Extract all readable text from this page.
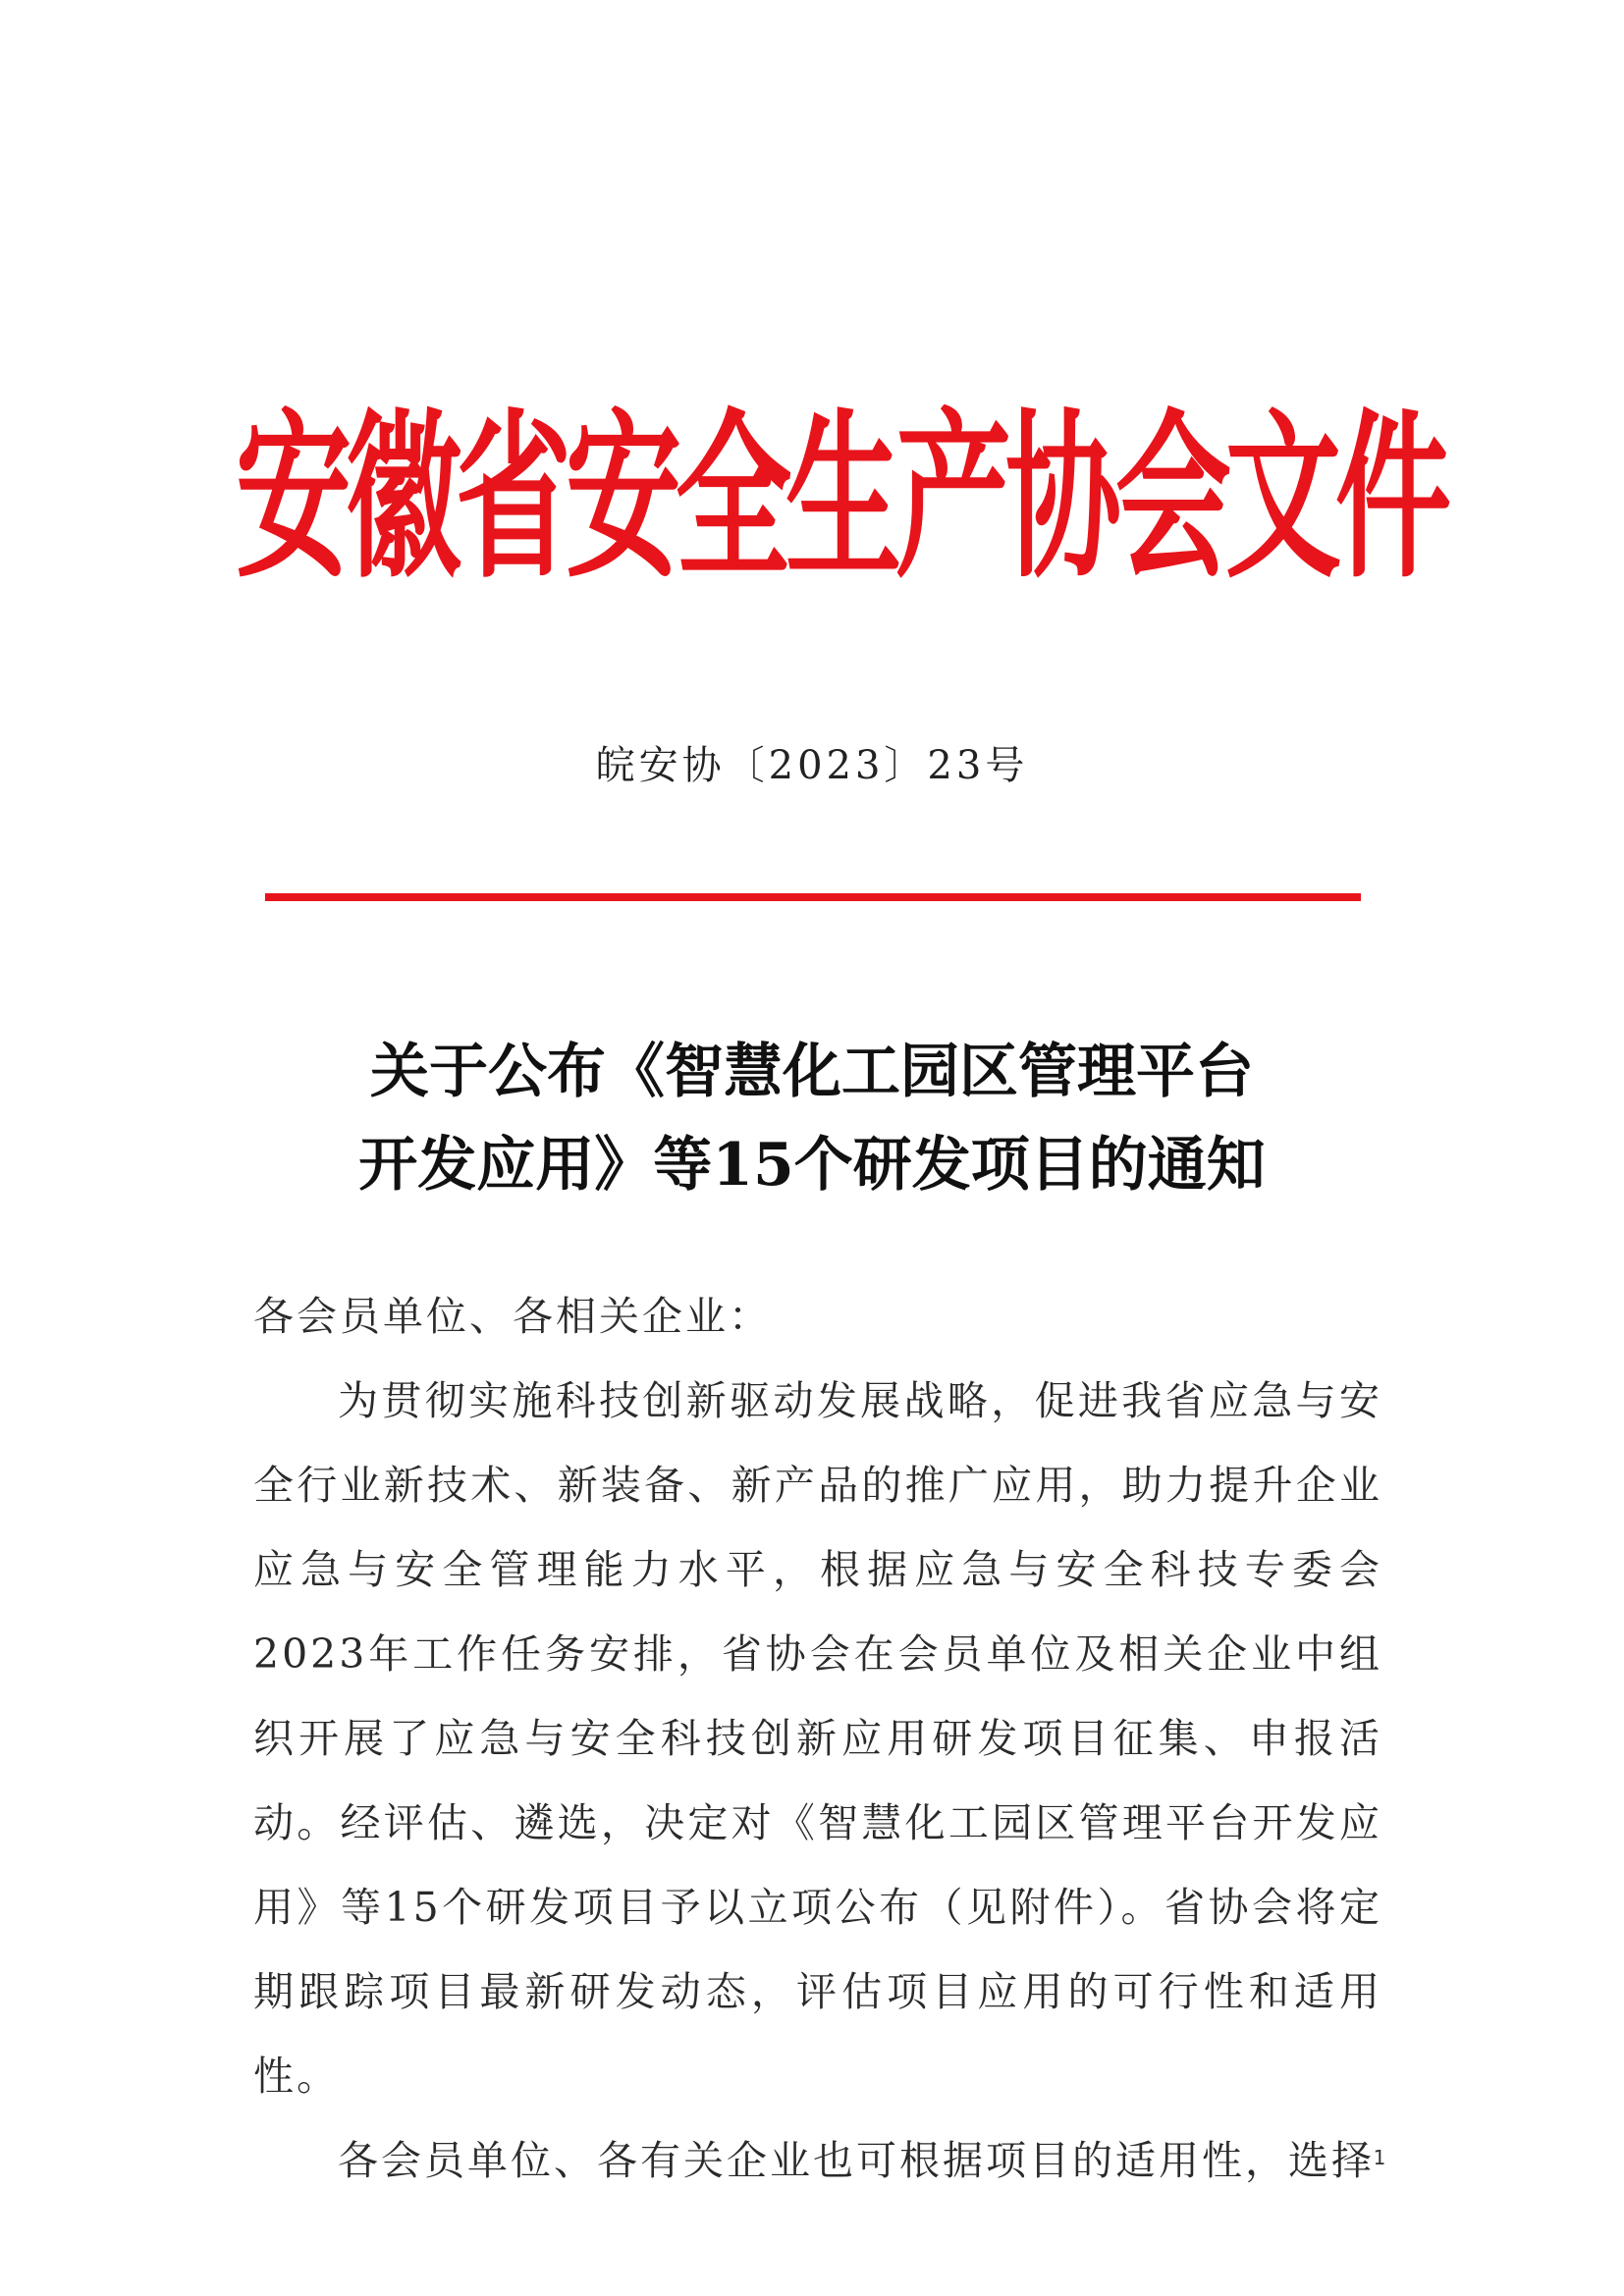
安徽省安全生产协会文件
皖安协〔2023〕23号
关于公布《智慧化工园区管理平台
开发应用》等15个研发项目的通知

各会员单位、各相关企业：

为贯彻实施科技创新驱动发展战略，促进我省应急与安全行业新技术、新装备、新产品的推广应用，助力提升企业应急与安全管理能力水平，根据应急与安全科技专委会2023年工作任务安排，省协会在会员单位及相关企业中组织开展了应急与安全科技创新应用研发项目征集、申报活动。经评估、遴选，决定对《智慧化工园区管理平台开发应用》等15个研发项目予以立项公布（见附件）。省协会将定期跟踪项目最新研发动态，评估项目应用的可行性和适用性。

各会员单位、各有关企业也可根据项目的适用性，选择

1
